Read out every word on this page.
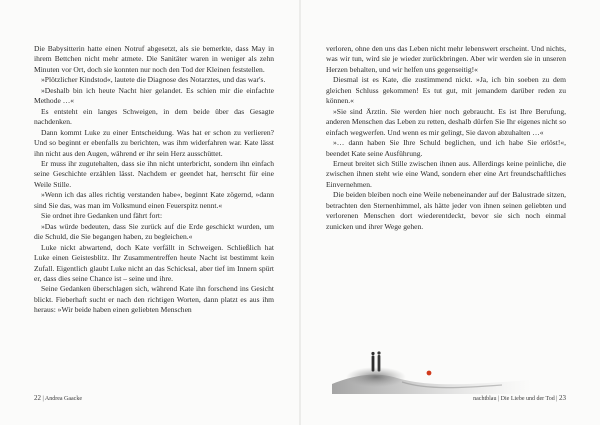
Die Babysitterin hatte einen Notruf abgesetzt, als sie bemerkte, dass May in ihrem Bettchen nicht mehr atmete. Die Sanitäter waren in weniger als zehn Minuten vor Ort, doch sie konnten nur noch den Tod der Kleinen feststellen.

»Plötzlicher Kindstod«, lautete die Diagnose des Notarztes, und das war's.

»Deshalb bin ich heute Nacht hier gelandet. Es schien mir die einfachte Methode …«

Es entsteht ein langes Schweigen, in dem beide über das Gesagte nachdenken.

Dann kommt Luke zu einer Entscheidung. Was hat er schon zu verlieren? Und so beginnt er ebenfalls zu berichten, was ihm widerfahren war. Kate lässt ihn nicht aus den Augen, während er ihr sein Herz ausschüttet.

Er muss ihr zugutehalten, dass sie ihn nicht unterbricht, sondern ihn einfach seine Geschichte erzählen lässt. Nachdem er geendet hat, herrscht für eine Weile Stille.

»Wenn ich das alles richtig verstanden habe«, beginnt Kate zögernd, »dann sind Sie das, was man im Volksmund einen Feuerspitz nennt.«

Sie ordnet ihre Gedanken und fährt fort:

»Das würde bedeuten, dass Sie zurück auf die Erde geschickt wurden, um die Schuld, die Sie begangen haben, zu begleichen.«

Luke nickt abwartend, doch Kate verfällt in Schweigen. Schließlich hat Luke einen Geistesblitz. Ihr Zusammentreffen heute Nacht ist bestimmt kein Zufall. Eigentlich glaubt Luke nicht an das Schicksal, aber tief im Innern spürt er, dass dies seine Chance ist – seine und ihre.

Seine Gedanken überschlagen sich, während Kate ihn forschend ins Gesicht blickt. Fieberhaft sucht er nach den richtigen Worten, dann platzt es aus ihm heraus: »Wir beide haben einen geliebten Menschen

22 | Andrea Gaacke

verloren, ohne den uns das Leben nicht mehr lebenswert erscheint. Und nichts, was wir tun, wird sie je wieder zurückbringen. Aber wir werden sie in unseren Herzen behalten, und wir helfen uns gegenseitig!«

Diesmal ist es Kate, die zustimmend nickt. »Ja, ich bin soeben zu dem gleichen Schluss gekommen! Es tut gut, mit jemandem darüber reden zu können.«

»Sie sind Ärztin. Sie werden hier noch gebraucht. Es ist Ihre Berufung, anderen Menschen das Leben zu retten, deshalb dürfen Sie Ihr eigenes nicht so einfach wegwerfen. Und wenn es mir gelingt, Sie davon abzuhalten …«

»… dann haben Sie Ihre Schuld beglichen, und ich habe Sie erlöst!«, beendet Kate seine Ausführung.

Erneut breitet sich Stille zwischen ihnen aus. Allerdings keine peinliche, die zwischen ihnen steht wie eine Wand, sondern eher eine Art freundschaftliches Einvernehmen.

Die beiden bleiben noch eine Weile nebeneinander auf der Balustrade sitzen, betrachten den Sternenhimmel, als hätte jeder von ihnen seinen geliebten und verlorenen Menschen dort wiederentdeckt, bevor sie sich noch einmal zunicken und ihrer Wege gehen.

nachtblau | Die Liebe und der Tod | 23
